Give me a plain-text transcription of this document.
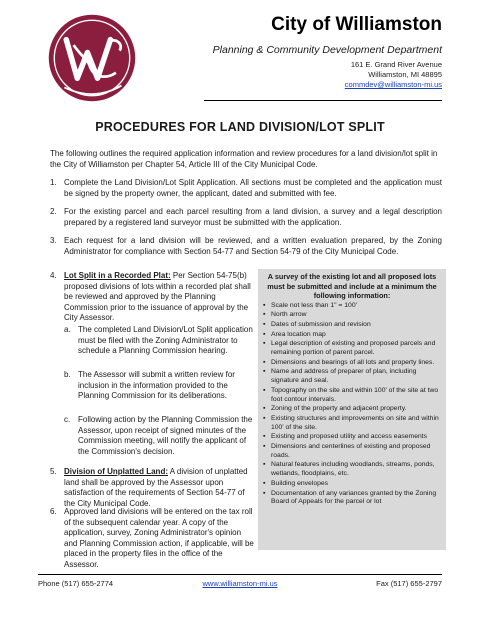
City of Williamston
Planning & Community Development Department
161 E. Grand River Avenue
Williamston, MI 48895
commdev@williamston-mi.us
PROCEDURES FOR LAND DIVISION/LOT SPLIT
The following outlines the required application information and review procedures for a land division/lot split in the City of Williamston per Chapter 54, Article III of the City Municipal Code.
1. Complete the Land Division/Lot Split Application. All sections must be completed and the application must be signed by the property owner, the applicant, dated and submitted with fee.
2. For the existing parcel and each parcel resulting from a land division, a survey and a legal description prepared by a registered land surveyor must be submitted with the application.
3. Each request for a land division will be reviewed, and a written evaluation prepared, by the Zoning Administrator for compliance with Section 54-77 and Section 54-79 of the City Municipal Code.
4. Lot Split in a Recorded Plat: Per Section 54-75(b) proposed divisions of lots within a recorded plat shall be reviewed and approved by the Planning Commission prior to the issuance of approval by the City Assessor.
a. The completed Land Division/Lot Split application must be filed with the Zoning Administrator to schedule a Planning Commission hearing.
b. The Assessor will submit a written review for inclusion in the information provided to the Planning Commission for its deliberations.
c. Following action by the Planning Commission the Assessor, upon receipt of signed minutes of the Commission meeting, will notify the applicant of the Commission's decision.
5. Division of Unplatted Land: A division of unplatted land shall be approved by the Assessor upon satisfaction of the requirements of Section 54-77 of the City Municipal Code.
6. Approved land divisions will be entered on the tax roll of the subsequent calendar year. A copy of the application, survey, Zoning Administrator's opinion and Planning Commission action, if applicable, will be placed in the property files in the office of the Assessor.
A survey of the existing lot and all proposed lots must be submitted and include at a minimum the following information:
▪ Scale not less than 1" = 100'
▪ North arrow
▪ Dates of submission and revision
▪ Area location map
▪ Legal description of existing and proposed parcels and remaining portion of parent parcel.
▪ Dimensions and bearings of all lots and property lines.
▪ Name and address of preparer of plan, including signature and seal.
▪ Topography on the site and within 100' of the site at two foot contour intervals.
▪ Zoning of the property and adjacent property.
▪ Existing structures and improvements on site and within 100' of the site.
▪ Existing and proposed utility and access easements
▪ Dimensions and centerlines of existing and proposed roads.
▪ Natural features including woodlands, streams, ponds, wetlands, floodplains, etc.
▪ Building envelopes
▪ Documentation of any variances granted by the Zoning Board of Appeals for the parcel or lot
Phone (517) 655-2774	www.williamston-mi.us	Fax (517) 655-2797
